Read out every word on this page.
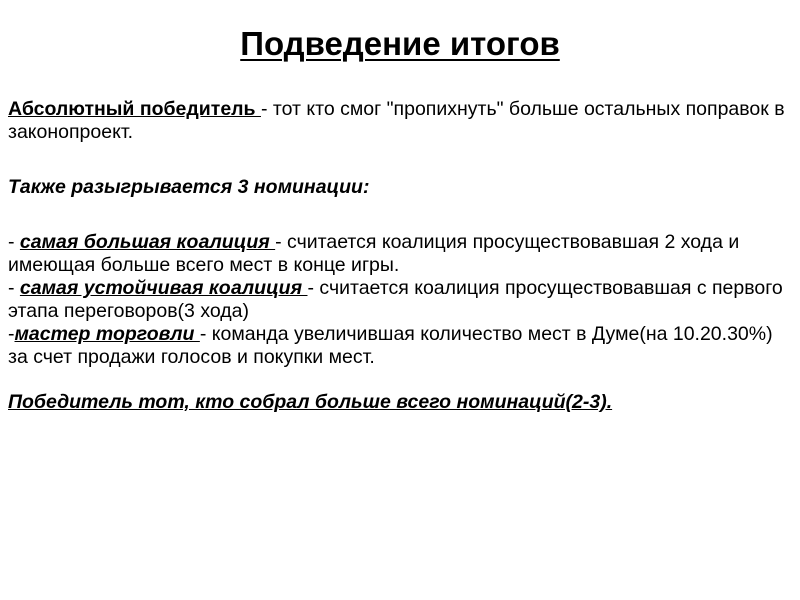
Подведение итогов

Абсолютный победитель - тот кто смог "пропихнуть" больше остальных поправок в законопроект.

Также разыгрывается 3 номинации:

- самая большая коалиция - считается коалиция просуществовавшая 2 хода и имеющая больше всего мест в конце игры.

- самая устойчивая коалиция - считается коалиция просуществовавшая с первого этапа переговоров(3 хода)

-мастер торговли - команда увеличившая количество мест в Думе(на 10.20.30%) за счет продажи голосов и покупки мест.

Победитель тот, кто собрал больше всего номинаций(2-3).
